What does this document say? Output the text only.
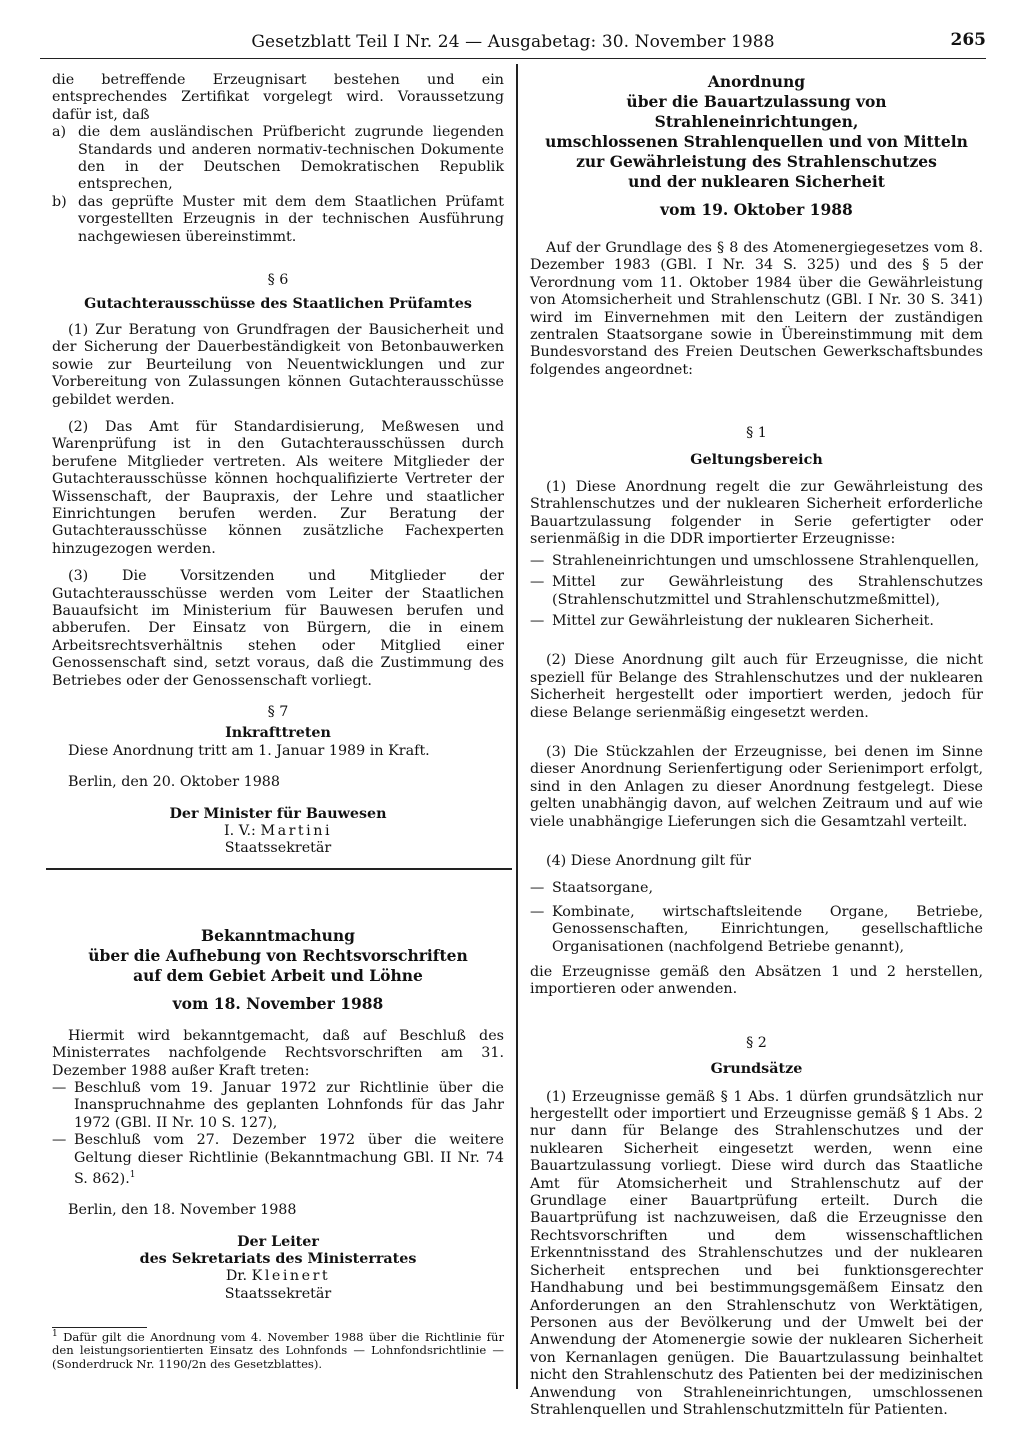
Gesetzblatt Teil I Nr. 24 — Ausgabetag: 30. November 1988	265

die betreffende Erzeugnisart bestehen und ein entsprechendes Zertifikat vorgelegt wird. Voraussetzung dafür ist, daß

a) die dem ausländischen Prüfbericht zugrunde liegenden Standards und anderen normativ-technischen Dokumente den in der Deutschen Demokratischen Republik entsprechen,
b) das geprüfte Muster mit dem dem Staatlichen Prüfamt vorgestellten Erzeugnis in der technischen Ausführung nachgewiesen übereinstimmt.

§ 6

Gutachterausschüsse des Staatlichen Prüfamtes

(1) Zur Beratung von Grundfragen der Bausicherheit und der Sicherung der Dauerbeständigkeit von Betonbauwerken sowie zur Beurteilung von Neuentwicklungen und zur Vorbereitung von Zulassungen können Gutachterausschüsse gebildet werden.

(2) Das Amt für Standardisierung, Meßwesen und Warenprüfung ist in den Gutachterausschüssen durch berufene Mitglieder vertreten. Als weitere Mitglieder der Gutachterausschüsse können hochqualifizierte Vertreter der Wissenschaft, der Baupraxis, der Lehre und staatlicher Einrichtungen berufen werden. Zur Beratung der Gutachterausschüsse können zusätzliche Fachexperten hinzugezogen werden.

(3) Die Vorsitzenden und Mitglieder der Gutachterausschüsse werden vom Leiter der Staatlichen Bauaufsicht im Ministerium für Bauwesen berufen und abberufen. Der Einsatz von Bürgern, die in einem Arbeitsrechtsverhältnis stehen oder Mitglied einer Genossenschaft sind, setzt voraus, daß die Zustimmung des Betriebes oder der Genossenschaft vorliegt.

§ 7

Inkrafttreten

Diese Anordnung tritt am 1. Januar 1989 in Kraft.

Berlin, den 20. Oktober 1988

Der Minister für Bauwesen

I. V.: Martini

Staatssekretär

Bekanntmachung

über die Aufhebung von Rechtsvorschriften

auf dem Gebiet Arbeit und Löhne

vom 18. November 1988

Hiermit wird bekanntgemacht, daß auf Beschluß des Ministerrates nachfolgende Rechtsvorschriften am 31. Dezember 1988 außer Kraft treten:

— Beschluß vom 19. Januar 1972 zur Richtlinie über die Inanspruchnahme des geplanten Lohnfonds für das Jahr 1972 (GBl. II Nr. 10 S. 127),
— Beschluß vom 27. Dezember 1972 über die weitere Geltung dieser Richtlinie (Bekanntmachung GBl. II Nr. 74 S. 862).$^1$

Berlin, den 18. November 1988

Der Leiter

des Sekretariats des Ministerrates

Dr. Kleinert

Staatssekretär

$^1$ Dafür gilt die Anordnung vom 4. November 1988 über die Richtlinie für den leistungsorientierten Einsatz des Lohnfonds — Lohnfondsrichtlinie — (Sonderdruck Nr. 1190/2n des Gesetzblattes).

Anordnung

über die Bauartzulassung von Strahleneinrichtungen,

umschlossenen Strahlenquellen und von Mitteln

zur Gewährleistung des Strahlenschutzes

und der nuklearen Sicherheit

vom 19. Oktober 1988

Auf der Grundlage des § 8 des Atomenergiegesetzes vom 8. Dezember 1983 (GBl. I Nr. 34 S. 325) und des § 5 der Verordnung vom 11. Oktober 1984 über die Gewährleistung von Atomsicherheit und Strahlenschutz (GBl. I Nr. 30 S. 341) wird im Einvernehmen mit den Leitern der zuständigen zentralen Staatsorgane sowie in Übereinstimmung mit dem Bundesvorstand des Freien Deutschen Gewerkschaftsbundes folgendes angeordnet:

§ 1

Geltungsbereich

(1) Diese Anordnung regelt die zur Gewährleistung des Strahlenschutzes und der nuklearen Sicherheit erforderliche Bauartzulassung folgender in Serie gefertigter oder serienmäßig in die DDR importierter Erzeugnisse:

— Strahleneinrichtungen und umschlossene Strahlenquellen,
— Mittel zur Gewährleistung des Strahlenschutzes (Strahlenschutzmittel und Strahlenschutzmeßmittel),
— Mittel zur Gewährleistung der nuklearen Sicherheit.

(2) Diese Anordnung gilt auch für Erzeugnisse, die nicht speziell für Belange des Strahlenschutzes und der nuklearen Sicherheit hergestellt oder importiert werden, jedoch für diese Belange serienmäßig eingesetzt werden.

(3) Die Stückzahlen der Erzeugnisse, bei denen im Sinne dieser Anordnung Serienfertigung oder Serienimport erfolgt, sind in den Anlagen zu dieser Anordnung festgelegt. Diese gelten unabhängig davon, auf welchen Zeitraum und auf wie viele unabhängige Lieferungen sich die Gesamtzahl verteilt.

(4) Diese Anordnung gilt für

— Staatsorgane,
— Kombinate, wirtschaftsleitende Organe, Betriebe, Genossenschaften, Einrichtungen, gesellschaftliche Organisationen (nachfolgend Betriebe genannt),

die Erzeugnisse gemäß den Absätzen 1 und 2 herstellen, importieren oder anwenden.

§ 2

Grundsätze

(1) Erzeugnisse gemäß § 1 Abs. 1 dürfen grundsätzlich nur hergestellt oder importiert und Erzeugnisse gemäß § 1 Abs. 2 nur dann für Belange des Strahlenschutzes und der nuklearen Sicherheit eingesetzt werden, wenn eine Bauartzulassung vorliegt. Diese wird durch das Staatliche Amt für Atomsicherheit und Strahlenschutz auf der Grundlage einer Bauartprüfung erteilt. Durch die Bauartprüfung ist nachzuweisen, daß die Erzeugnisse den Rechtsvorschriften und dem wissenschaftlichen Erkenntnisstand des Strahlenschutzes und der nuklearen Sicherheit entsprechen und bei funktionsgerechter Handhabung und bei bestimmungsgemäßem Einsatz den Anforderungen an den Strahlenschutz von Werktätigen, Personen aus der Bevölkerung und der Umwelt bei der Anwendung der Atomenergie sowie der nuklearen Sicherheit von Kernanlagen genügen. Die Bauartzulassung beinhaltet nicht den Strahlenschutz des Patienten bei der medizinischen Anwendung von Strahleneinrichtungen, umschlossenen Strahlenquellen und Strahlenschutzmitteln für Patienten.
